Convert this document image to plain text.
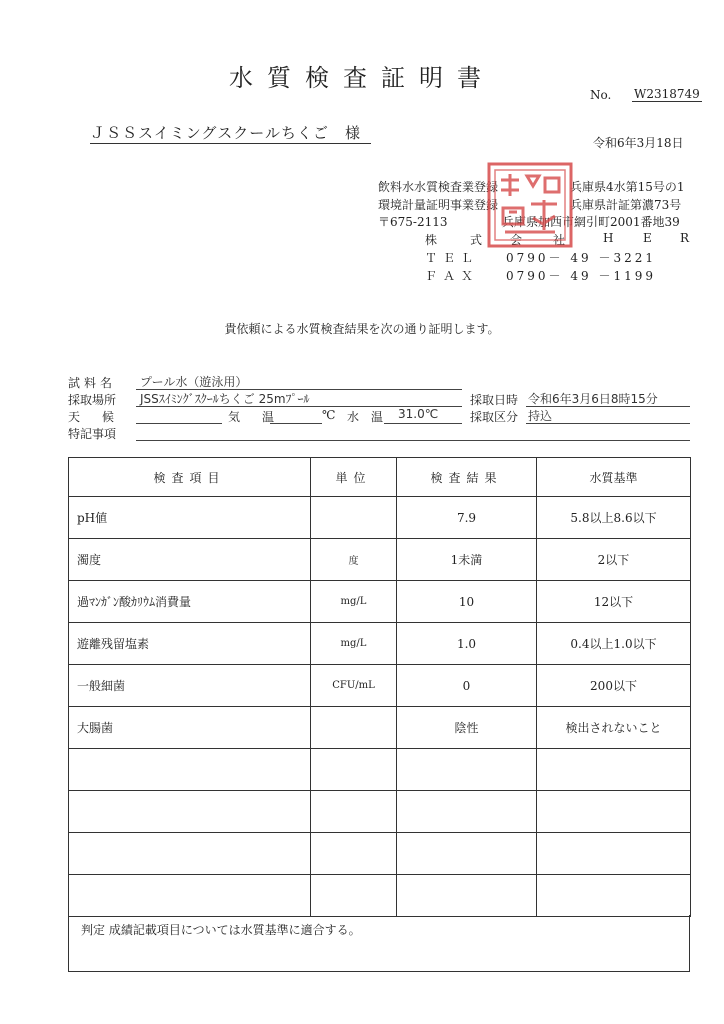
水質検査証明書
No. W2318749
ＪＳＳスイミングスクールちくご　様
令和6年3月18日
飲料水水質検査業登録	兵庫県4水第15号の1
環境計量証明事業登録	兵庫県計証第濃73号
〒675-2113	兵庫県加西市網引町2001番地39
株	式 会	社	H E R
ＴＥＬ 0790－ 49 －3221
ＦＡＸ 0790－ 49 －1199
貴依頼による水質検査結果を次の通り証明します。
試料名 プール水（遊泳用）
採取場所 JSSｽｲﾐﾝｸﾞｽｸｰﾙちくご 25mﾌﾟｰﾙ	採取日時 令和6年3月6日8時15分
天候	気温 ℃ 水温 31.0℃	採取区分 持込
特記事項
検査項目	単位	検査結果	水質基準
pH値		7.9	5.8以上8.6以下
濁度	度	1未満	2以下
過ﾏﾝｶﾞﾝ酸ｶﾘｳﾑ消費量	mg/L	10	12以下
遊離残留塩素	mg/L	1.0	0.4以上1.0以下
一般細菌	CFU/mL	0	200以下
大腸菌		陰性	検出されないこと

判定 成績記載項目については水質基準に適合する。
